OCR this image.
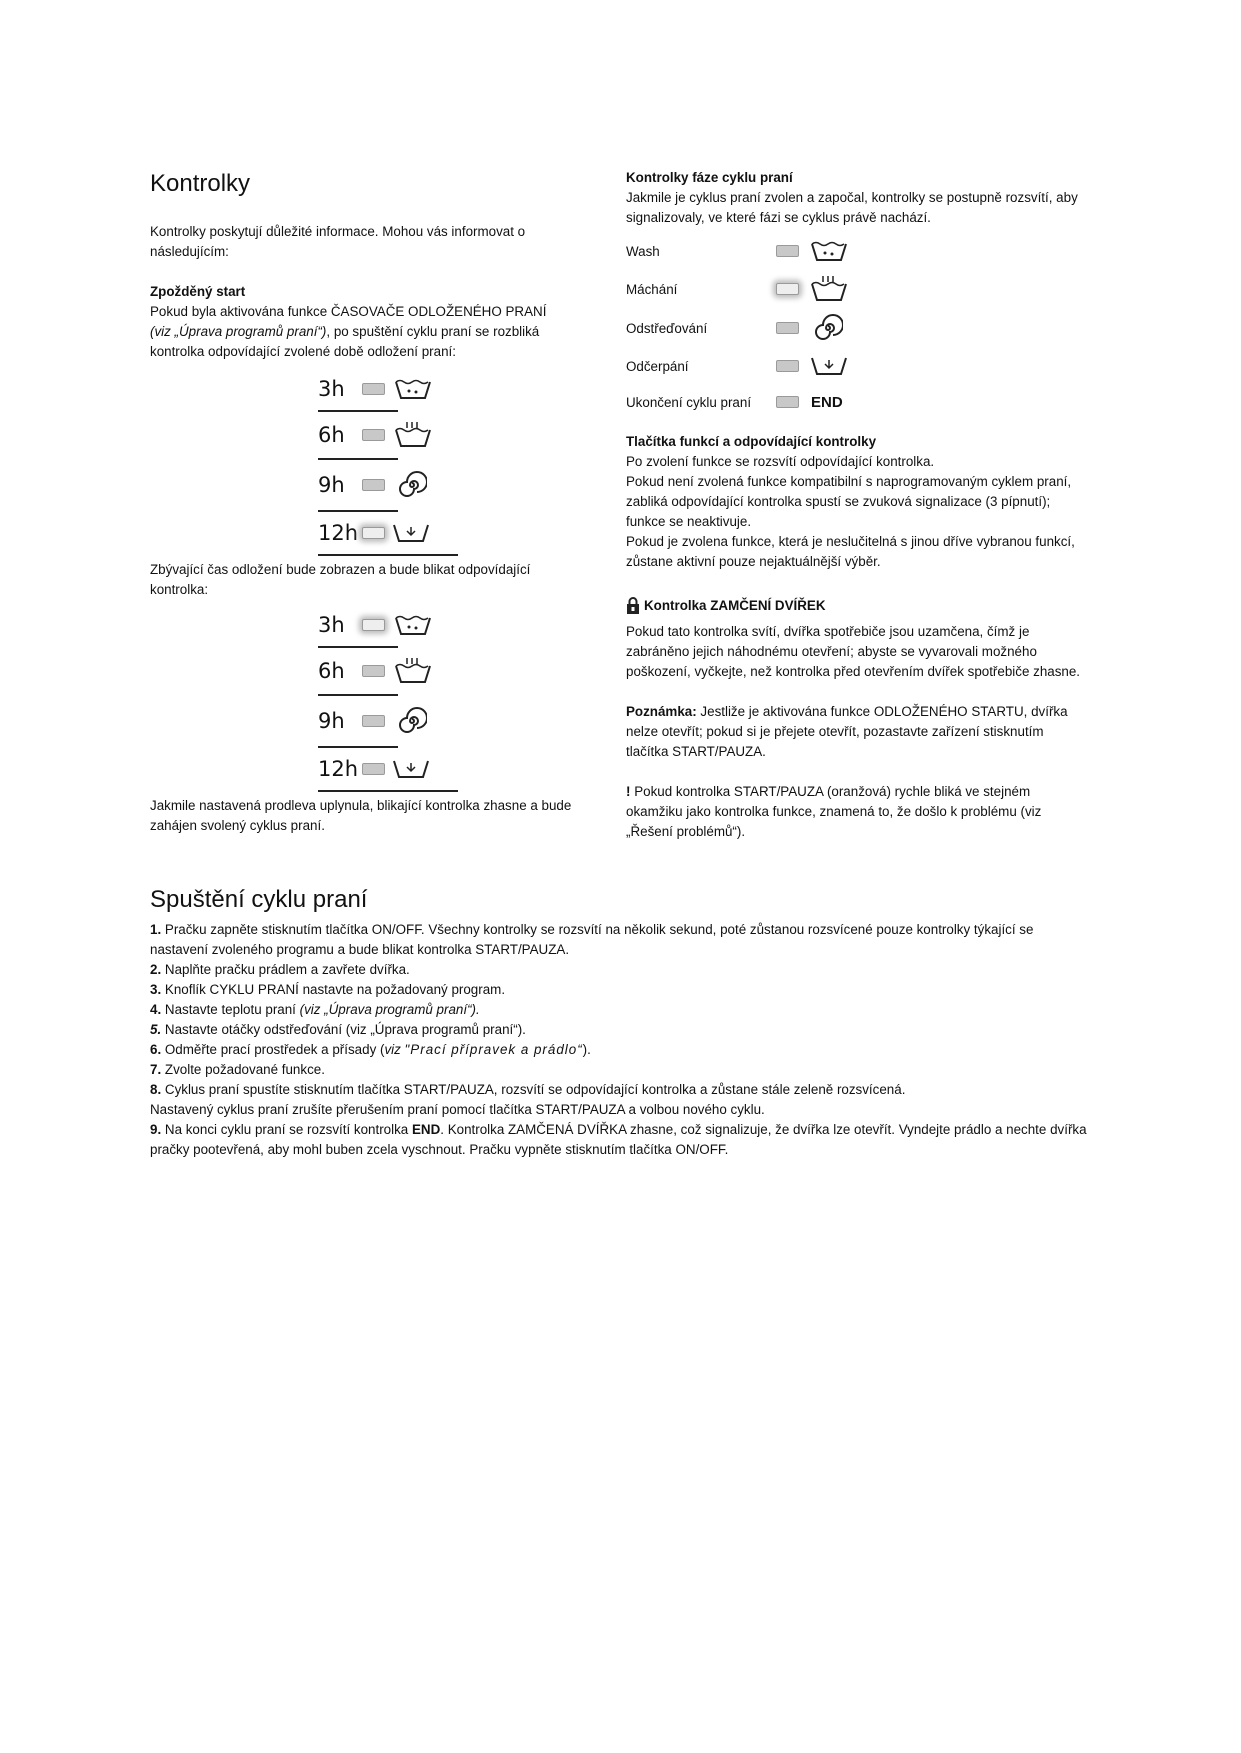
Kontrolky

Kontrolky poskytují důležité informace. Mohou vás informovat o následujícím:

Zpožděný start

Pokud byla aktivována funkce ČASOVAČE ODLOŽENÉHO PRANÍ
(viz „Úprava programů praní“), po spuštění cyklu praní se rozbliká kontrolka odpovídající zvolené době odložení praní:

3h
6h
9h
12h

Zbývající čas odložení bude zobrazen a bude blikat odpovídající kontrolka:

3h
6h
9h
12h

Jakmile nastavená prodleva uplynula, blikající kontrolka zhasne a bude zahájen svolený cyklus praní.

Kontrolky fáze cyklu praní

Jakmile je cyklus praní zvolen a započal, kontrolky se postupně rozsvítí, aby signalizovaly, ve které fázi se cyklus právě nachází.

Wash
Máchání
Odstřeďování
Odčerpání
Ukončení cyklu praní	END

Tlačítka funkcí a odpovídající kontrolky

Po zvolení funkce se rozsvítí odpovídající kontrolka.

Pokud není zvolená funkce kompatibilní s naprogramovaným cyklem praní, zabliká odpovídající kontrolka spustí se zvuková signalizace (3 pípnutí); funkce se neaktivuje.

Pokud je zvolena funkce, která je neslučitelná s jinou dříve vybranou funkcí, zůstane aktivní pouze nejaktuálnější výběr.

Kontrolka ZAMČENÍ DVÍŘEK

Pokud tato kontrolka svítí, dvířka spotřebiče jsou uzamčena, čímž je zabráněno jejich náhodnému otevření; abyste se vyvarovali možného poškození, vyčkejte, než kontrolka před otevřením dvířek spotřebiče zhasne.

Poznámka: Jestliže je aktivována funkce ODLOŽENÉHO STARTU, dvířka nelze otevřít; pokud si je přejete otevřít, pozastavte zařízení stisknutím tlačítka START/PAUZA.

! Pokud kontrolka START/PAUZA (oranžová) rychle bliká ve stejném okamžiku jako kontrolka funkce, znamená to, že došlo k problému (viz „Řešení problémů“).

Spuštění cyklu praní

1. Pračku zapněte stisknutím tlačítka ON/OFF. Všechny kontrolky se rozsvítí na několik sekund, poté zůstanou rozsvícené pouze kontrolky týkající se nastavení zvoleného programu a bude blikat kontrolka START/PAUZA.

2. Naplňte pračku prádlem a zavřete dvířka.

3. Knoflík CYKLU PRANÍ nastavte na požadovaný program.

4. Nastavte teplotu praní (viz „Úprava programů praní“).

5. Nastavte otáčky odstřeďování (viz „Úprava programů praní“).

6. Odměřte prací prostředek a přísady (viz "Prací přípravek a prádlo“).

7. Zvolte požadované funkce.

8. Cyklus praní spustíte stisknutím tlačítka START/PAUZA, rozsvítí se odpovídající kontrolka a zůstane stále zeleně rozsvícená.

Nastavený cyklus praní zrušíte přerušením praní pomocí tlačítka START/PAUZA a volbou nového cyklu.

9. Na konci cyklu praní se rozsvítí kontrolka END. Kontrolka ZAMČENÁ DVÍŘKA zhasne, což signalizuje, že dvířka lze otevřít. Vyndejte prádlo a nechte dvířka pračky pootevřená, aby mohl buben zcela vyschnout. Pračku vypněte stisknutím tlačítka ON/OFF.
